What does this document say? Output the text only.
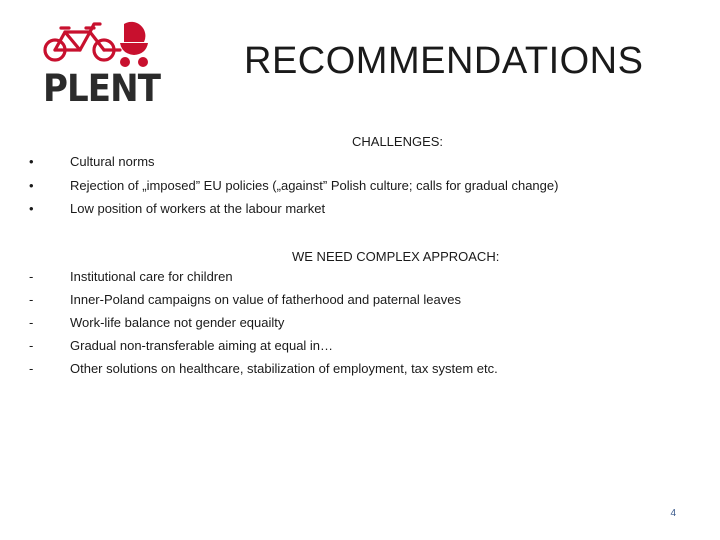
PLENT
RECOMMENDATIONS
CHALLENGES:
•	Cultural norms
•	Rejection of „imposed” EU policies („against” Polish culture; calls for gradual change)
•	Low position of workers at the labour market
WE NEED COMPLEX APPROACH:
-	Institutional care for children
-	Inner-Poland campaigns on value of fatherhood and paternal leaves
-	Work-life balance not gender equailty
-	Gradual non-transferable aiming at equal in…
-	Other solutions on healthcare, stabilization of employment, tax system etc.
4
